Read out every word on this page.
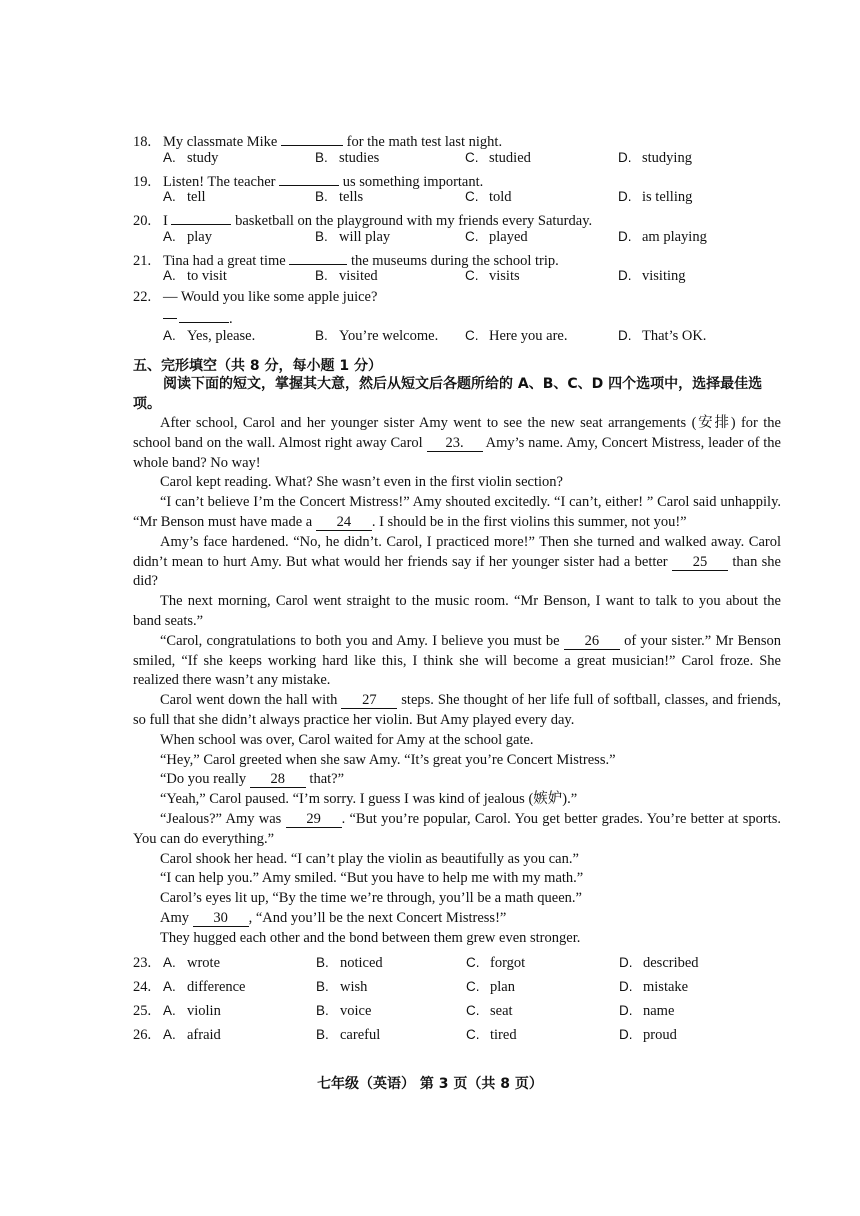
18. My classmate Mike	for the math test last night.
A. study	B. studies	C. studied	D. studying
19. Listen! The teacher	us something important.
A. tell	B. tells	C. told	D. is telling
20. I	basketball on the playground with my friends every Saturday.
A. play	B. will play	C. played	D. am playing
21. Tina had a great time	the museums during the school trip.
A. to visit	B. visited	C. visits	D. visiting
22. — Would you like some apple juice?
.
A. Yes, please.	B. You’re welcome. C. Here you are.	D. That’s OK.
五、完形填空（共 8 分，每小题 1 分）
阅读下面的短文，掌握其大意，然后从短文后各题所给的 A、B、C、D 四个选项中，选择最佳选项。
After school, Carol and her younger sister Amy went to see the new seat arrangements (安排) for the school band on the wall. Almost right away Carol 23. Amy’s name. Amy, Concert Mistress, leader of the whole band? No way!
Carol kept reading. What? She wasn’t even in the first violin section?
“I can’t believe I’m the Concert Mistress!” Amy shouted excitedly. “I can’t, either! ” Carol said unhappily. “Mr Benson must have made a 24 . I should be in the first violins this summer, not you!”
Amy’s face hardened. “No, he didn’t. Carol, I practiced more!” Then she turned and walked away. Carol didn’t mean to hurt Amy. But what would her friends say if her younger sister had a better 25 than she did?
The next morning, Carol went straight to the music room. “Mr Benson, I want to talk to you about the band seats.”
“Carol, congratulations to both you and Amy. I believe you must be 26 of your sister.” Mr Benson smiled, “If she keeps working hard like this, I think she will become a great musician!” Carol froze. She realized there wasn’t any mistake.
Carol went down the hall with 27 steps. She thought of her life full of softball, classes, and friends, so full that she didn’t always practice her violin. But Amy played every day.
When school was over, Carol waited for Amy at the school gate.
“Hey,” Carol greeted when she saw Amy. “It’s great you’re Concert Mistress.”
“Do you really 28 that?”
“Yeah,” Carol paused. “I’m sorry. I guess I was kind of jealous (嫉妒).”
“Jealous?” Amy was 29 . “But you’re popular, Carol. You get better grades. You’re better at sports. You can do everything.”
Carol shook her head. “I can’t play the violin as beautifully as you can.”
“I can help you.” Amy smiled. “But you have to help me with my math.”
Carol’s eyes lit up, “By the time we’re through, you’ll be a math queen.”
Amy 30 , “And you’ll be the next Concert Mistress!”
They hugged each other and the bond between them grew even stronger.
23. A. wrote	B. noticed	C. forgot	D. described
24. A. difference	B. wish	C. plan	D. mistake
25. A. violin	B. voice	C. seat	D. name
26. A. afraid	B. careful	C. tired	D. proud
七年级（英语） 第 3 页（共 8 页）
